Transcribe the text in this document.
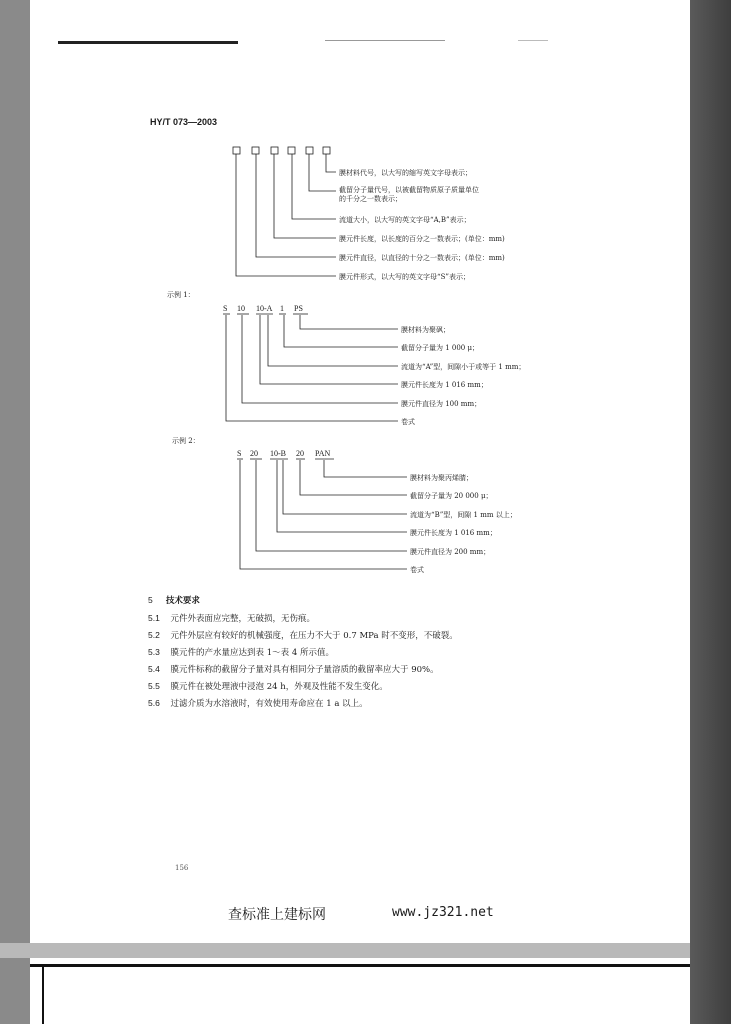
HY/T 073—2003
膜材料代号，以大写的缩写英文字母表示；
截留分子量代号，以被截留物质原子质量单位
的千分之一数表示；
流道大小，以大写的英文字母“A,B”表示；
膜元件长度，以长度的百分之一数表示；(单位：mm)
膜元件直径，以直径的十分之一数表示；(单位：mm)
膜元件形式，以大写的英文字母“S”表示；
示例 1：
S 10 10-A 1 PS
膜材料为聚砜；
截留分子量为 1 000 μ；
流道为“A”型，间隙小于或等于 1 mm；
膜元件长度为 1 016 mm；
膜元件直径为 100 mm；
卷式
示例 2：
S 20 10-B 20 PAN
膜材料为聚丙烯腈；
截留分子量为 20 000 μ；
流道为“B”型，间隙 1 mm 以上；
膜元件长度为 1 016 mm；
膜元件直径为 200 mm；
卷式
5 技术要求
5.1 元件外表面应完整，无破损，无伤痕。
5.2 元件外层应有较好的机械强度，在压力不大于 0.7 MPa 时不变形，不破裂。
5.3 膜元件的产水量应达到表 1～表 4 所示值。
5.4 膜元件标称的截留分子量对具有相同分子量溶质的截留率应大于 90%。
5.5 膜元件在被处理液中浸泡 24 h，外观及性能不发生变化。
5.6 过滤介质为水溶液时，有效使用寿命应在 1 a 以上。
156
查标准上建标网	www.jz321.net
